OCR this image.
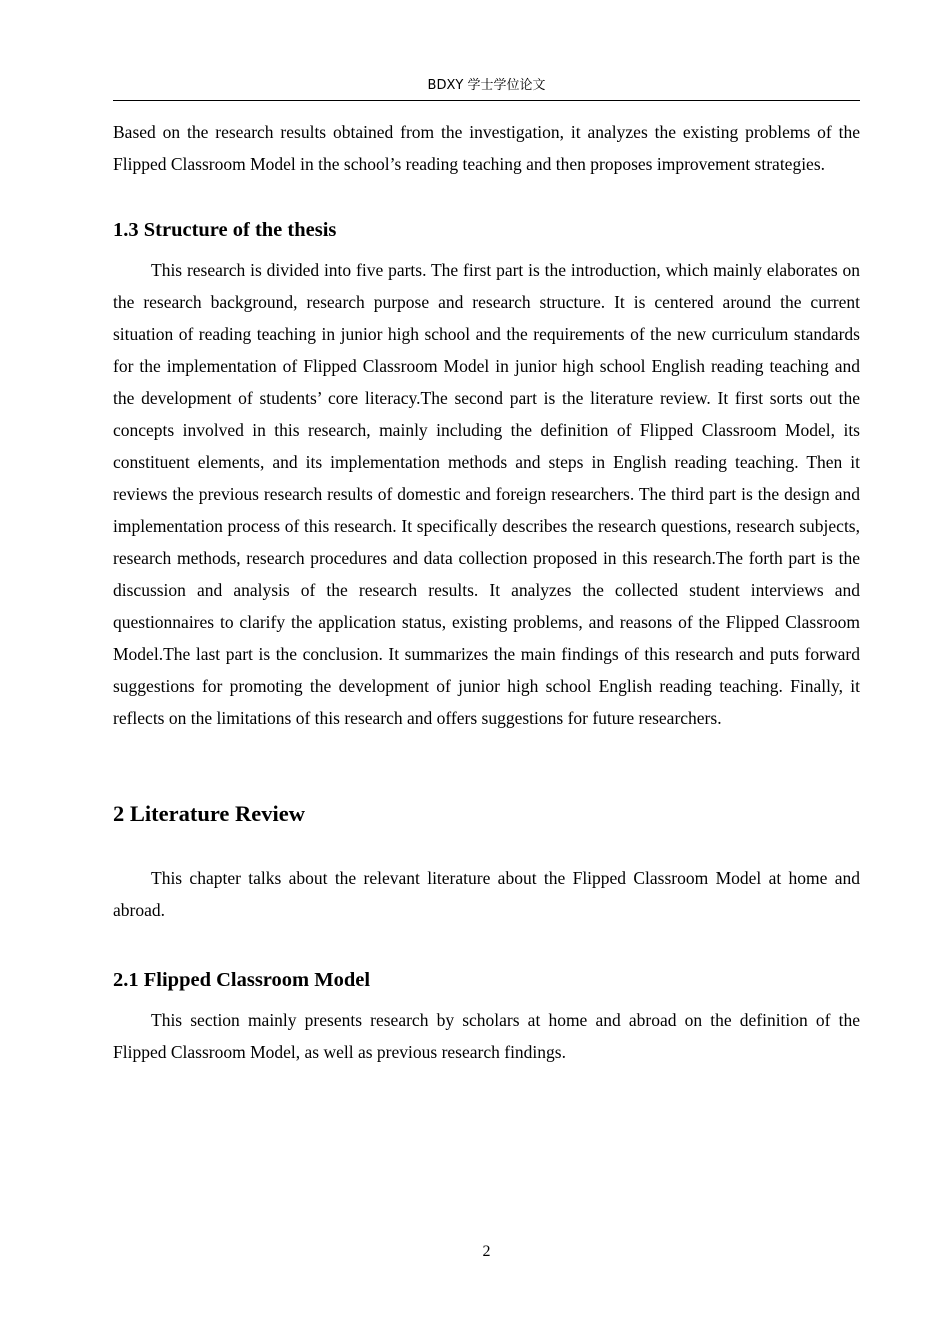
BDXY 学士学位论文

Based on the research results obtained from the investigation, it analyzes the existing problems of the Flipped Classroom Model in the school’s reading teaching and then proposes improvement strategies.

1.3 Structure of the thesis

This research is divided into five parts. The first part is the introduction, which mainly elaborates on the research background, research purpose and research structure. It is centered around the current situation of reading teaching in junior high school and the requirements of the new curriculum standards for the implementation of Flipped Classroom Model in junior high school English reading teaching and the development of students’ core literacy.The second part is the literature review. It first sorts out the concepts involved in this research, mainly including the definition of Flipped Classroom Model, its constituent elements, and its implementation methods and steps in English reading teaching. Then it reviews the previous research results of domestic and foreign researchers. The third part is the design and implementation process of this research. It specifically describes the research questions, research subjects, research methods, research procedures and data collection proposed in this research.The forth part is the discussion and analysis of the research results. It analyzes the collected student interviews and questionnaires to clarify the application status, existing problems, and reasons of the Flipped Classroom Model.The last part is the conclusion. It summarizes the main findings of this research and puts forward suggestions for promoting the development of junior high school English reading teaching. Finally, it reflects on the limitations of this research and offers suggestions for future researchers.

2 Literature Review

This chapter talks about the relevant literature about the Flipped Classroom Model at home and abroad.

2.1 Flipped Classroom Model

This section mainly presents research by scholars at home and abroad on the definition of the Flipped Classroom Model, as well as previous research findings.

2
